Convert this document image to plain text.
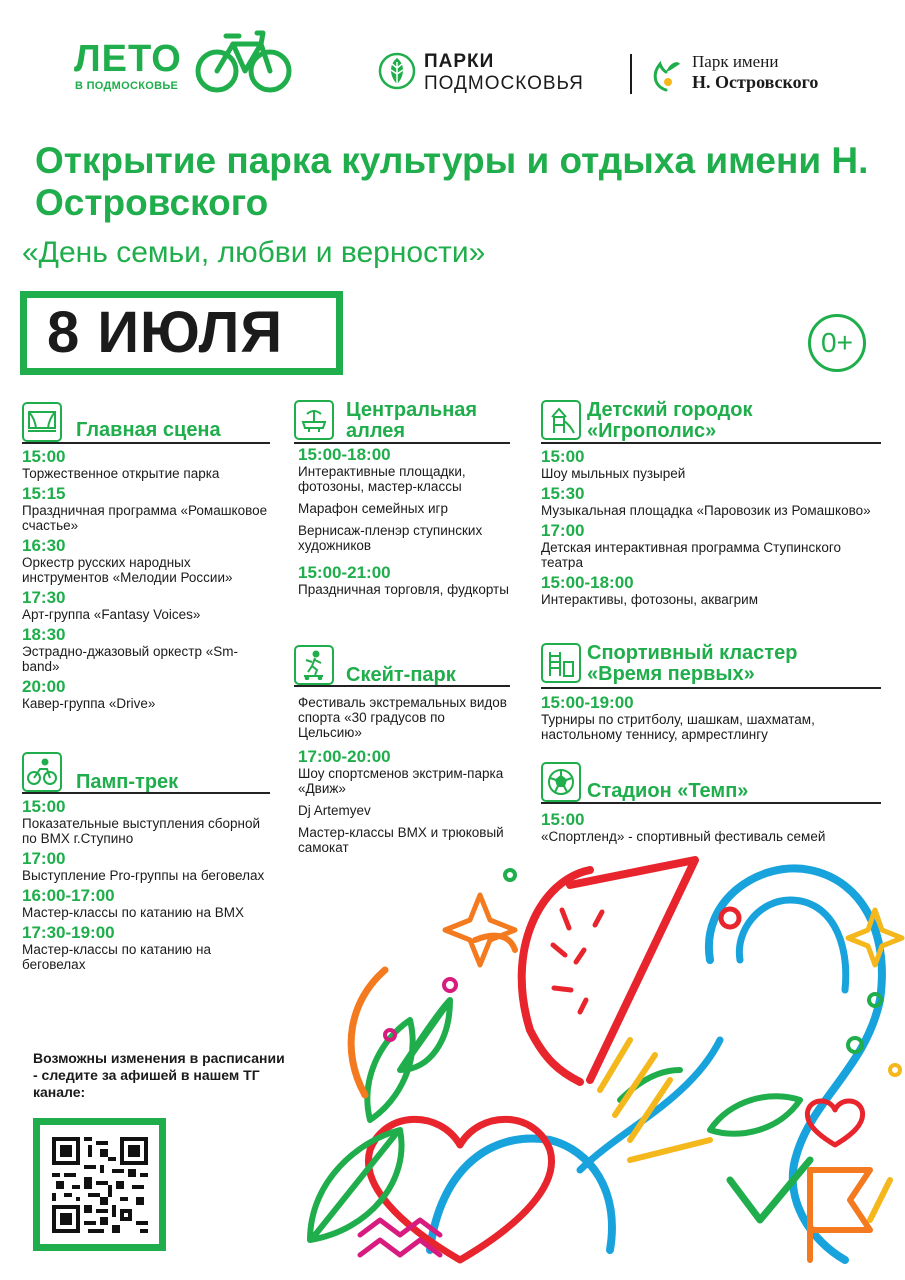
ЛЕТО
В ПОДМОСКОВЬЕ
ПАРКИ
ПОДМОСКОВЬЯ
Парк имени
Н. Островского
Открытие парка культуры и отдыха имени Н. Островского
«День семьи, любви и верности»
8 ИЮЛЯ	0+
Главная сцена
15:00
Торжественное открытие парка
15:15
Праздничная программа «Ромашковое счастье»
16:30
Оркестр русских народных инструментов «Мелодии России»
17:30
Арт-группа «Fantasy Voices»
18:30
Эстрадно-джазовый оркестр «Sm-band»
20:00
Кавер-группа «Drive»
Памп-трек
15:00
Показательные выступления сборной по BMX г.Ступино
17:00
Выступление Pro-группы на беговелах
16:00-17:00
Мастер-классы по катанию на BMX
17:30-19:00
Мастер-классы по катанию на беговелах
Центральная
аллея
15:00-18:00
Интерактивные площадки, фотозоны, мастер-классы
Марафон семейных игр
Вернисаж-пленэр ступинских художников
15:00-21:00
Праздничная торговля, фудкорты
Скейт-парк
Фестиваль экстремальных видов спорта «30 градусов по Цельсию»
17:00-20:00
Шоу спортсменов экстрим-парка «Движ»
Dj Artemyev
Мастер-классы BMX и трюковый самокат
Детский городок
«Игрополис»
15:00
Шоу мыльных пузырей
15:30
Музыкальная площадка «Паровозик из Ромашково»
17:00
Детская интерактивная программа Ступинского театра
15:00-18:00
Интерактивы, фотозоны, аквагрим
Спортивный кластер
«Время первых»
15:00-19:00
Турниры по стритболу, шашкам, шахматам, настольному теннису, армрестлингу
Стадион «Темп»
15:00
«Спортленд» - спортивный фестиваль семей
Возможны изменения в расписании - следите за афишей в нашем ТГ канале:
